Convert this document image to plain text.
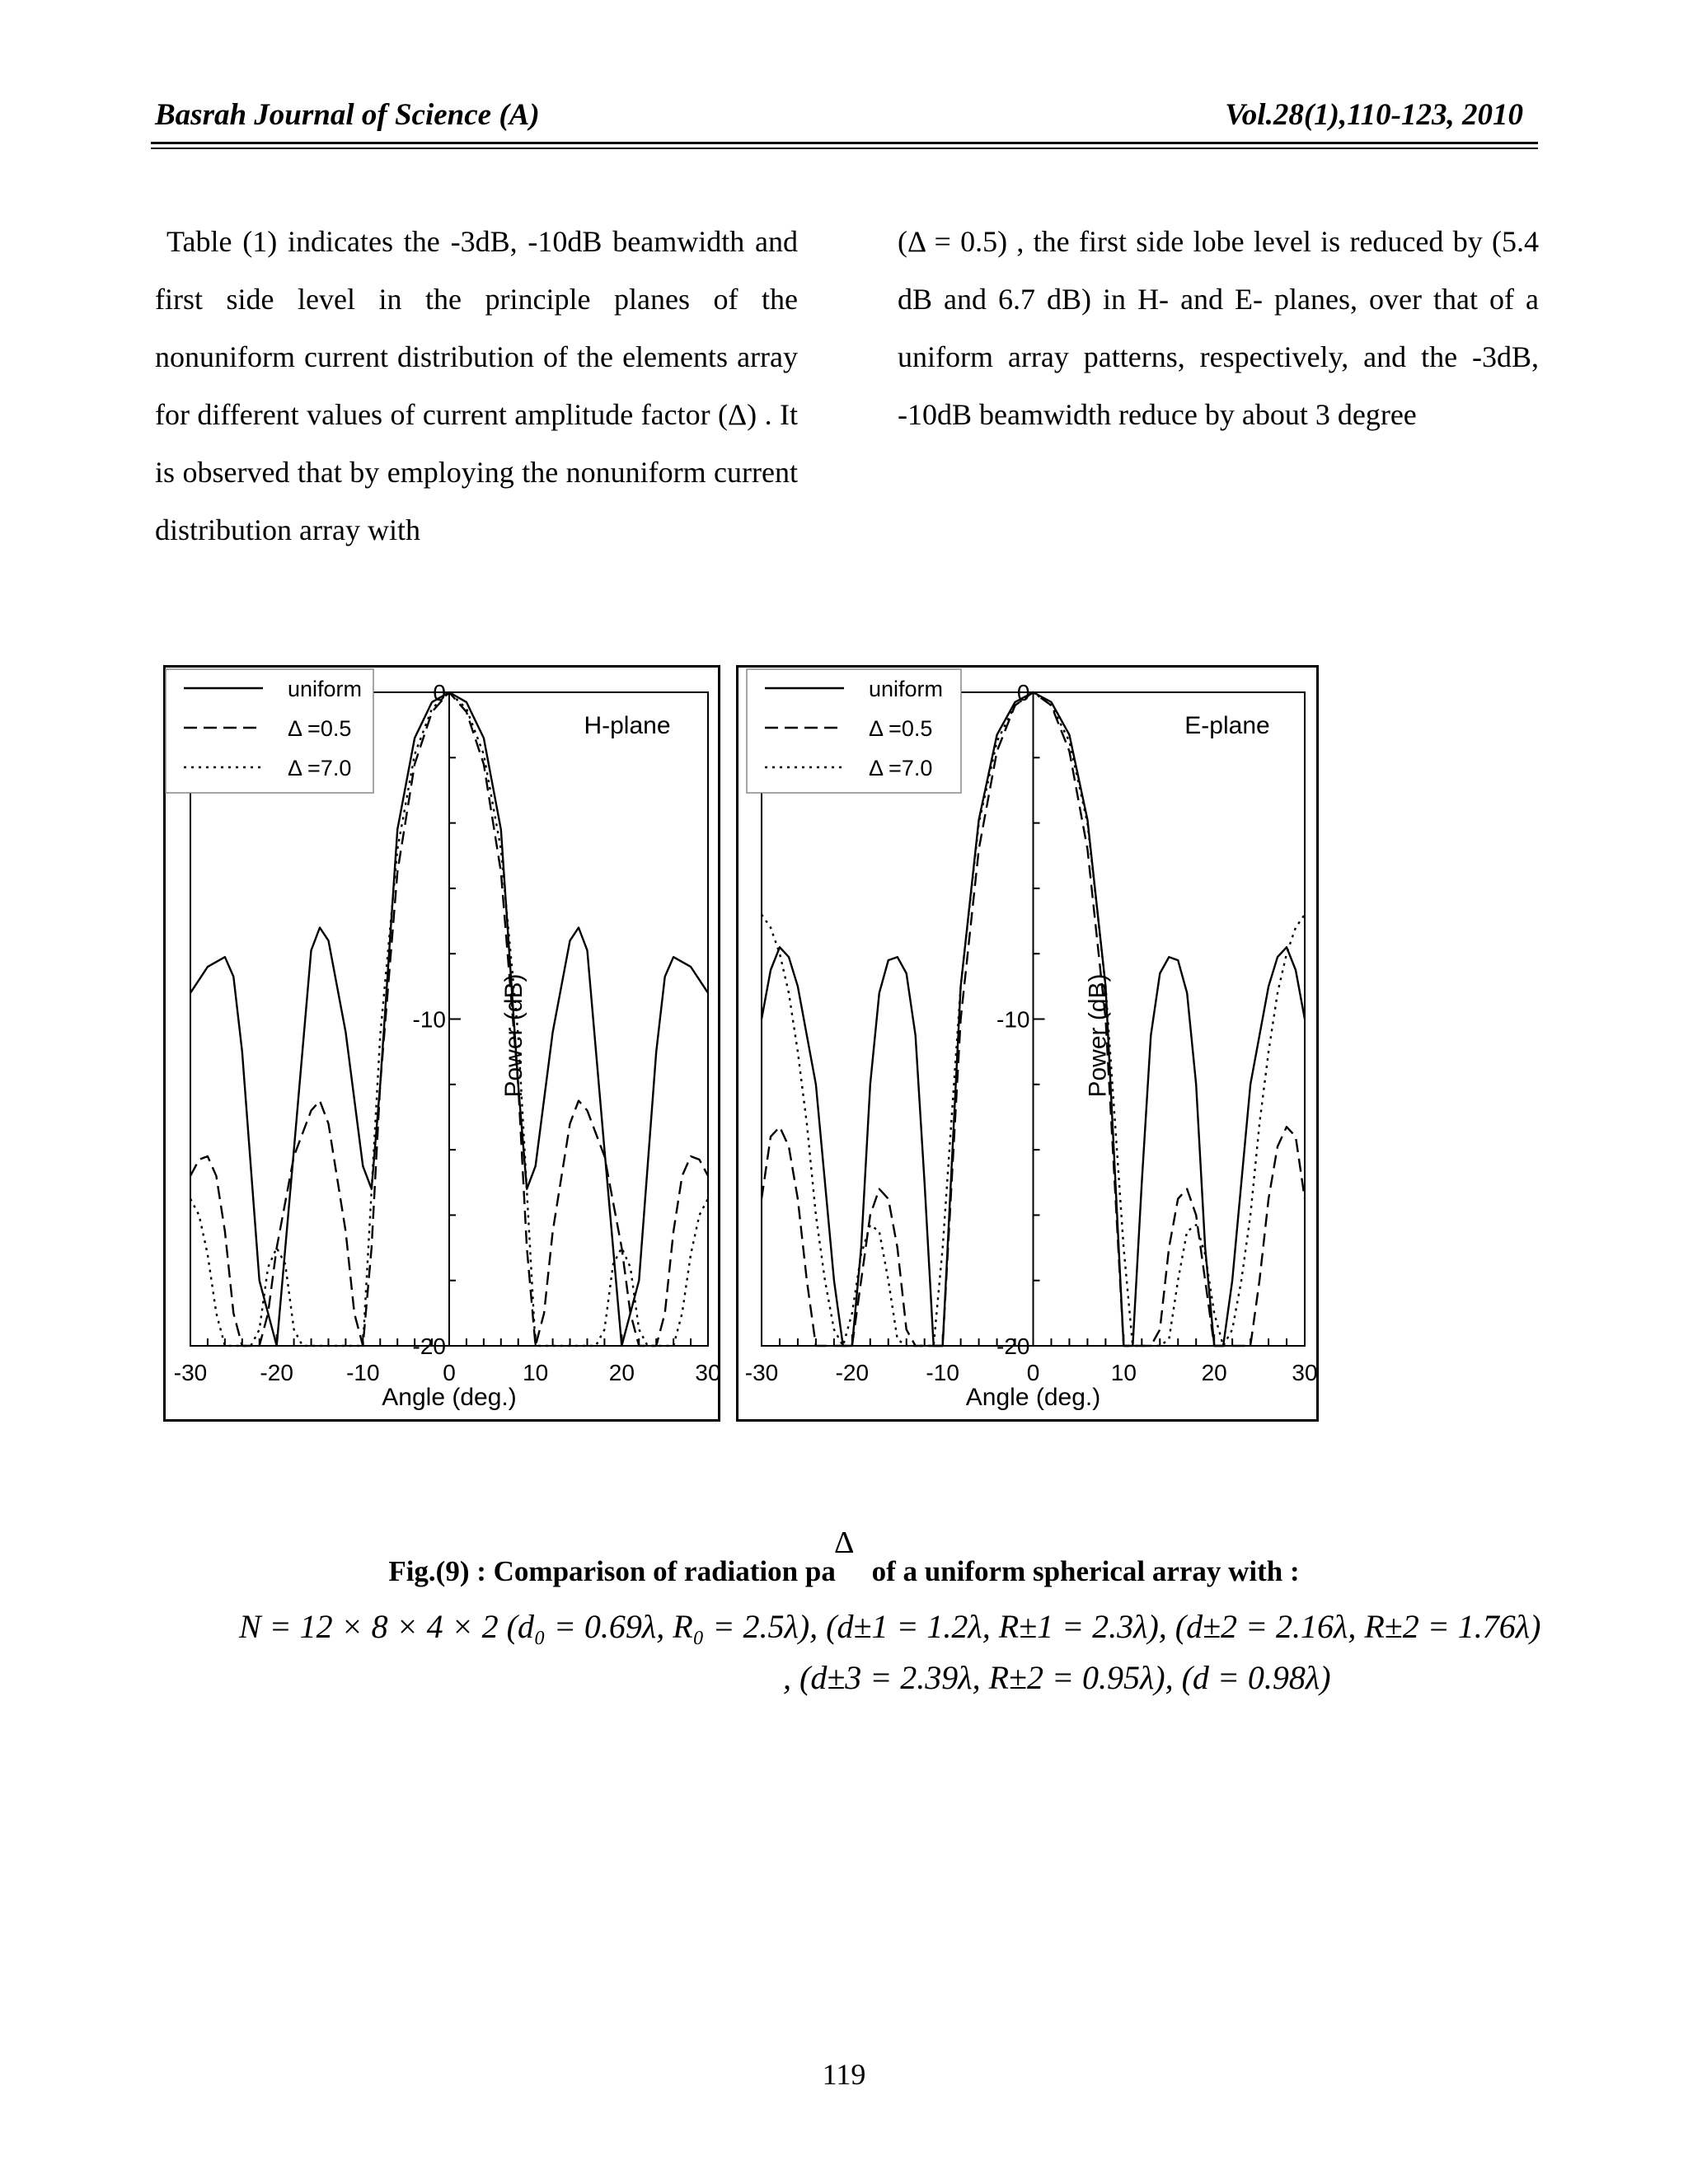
Basrah Journal of Science (A)	Vol.28(1),110-123, 2010
Table (1) indicates the -3dB, -10dB beamwidth and first side level in the principle planes of the nonuniform current distribution of the elements array for different values of current amplitude factor (Δ) . It is observed that by employing the nonuniform current distribution array with
(Δ = 0.5) , the first side lobe level is reduced by (5.4 dB and 6.7 dB) in H- and E- planes, over that of a uniform array patterns, respectively, and the -3dB, -10dB beamwidth reduce by about 3 degree
-30 -20 -10	0	10	20	30
0
-10
-20
Angle (deg.)
Power (dB)
H-plane
uniform
Δ =0.5
Δ =7.0
-30 -20 -10	0	10	20	30
0
-10
-20
Angle (deg.)
Power (dB)
E-plane
uniform
Δ =0.5
Δ =7.0
Δ
Fig.(9) : Comparison of radiation pa     of a uniform spherical array with :
N = 12 × 8 × 4 × 2 (d₀ = 0.69λ, R₀ = 2.5λ), (d±1 = 1.2λ, R±1 = 2.3λ), (d±2 = 2.16λ, R±2 = 1.76λ)
, (d±3 = 2.39λ, R±2 = 0.95λ), (d = 0.98λ)
119
